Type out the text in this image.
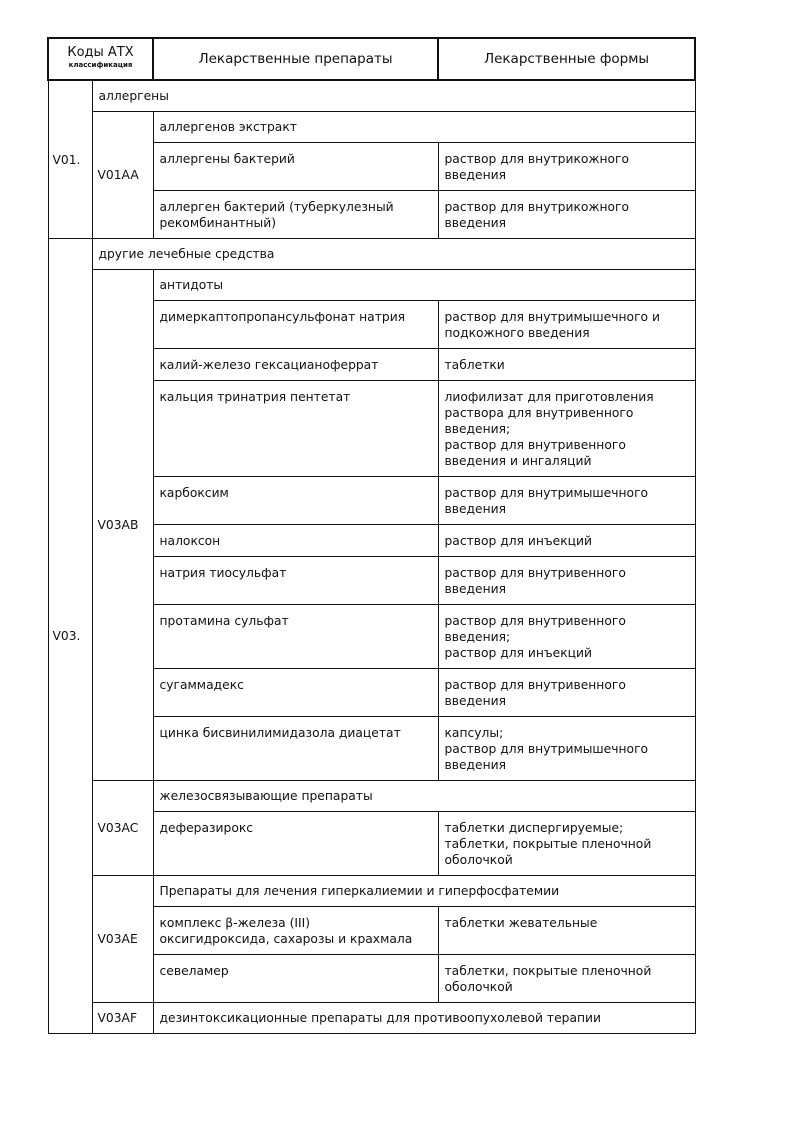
Коды АТХ
классификация		Лекарственные препараты	Лекарственные формы

V01.	аллергены		

	V01AA	аллергенов экстракт	

		аллергены бактерий	раствор для внутрикожного
введения

		аллерген бактерий (туберкулезный
рекомбинантный)	раствор для внутрикожного
введения

V03.	другие лечебные средства		

	V03AB	антидоты	

		димеркаптопропансульфонат натрия	раствор для внутримышечного и
подкожного введения

		калий-железо гексацианоферрат	таблетки

		кальция тринатрия пентетат	лиофилизат для приготовления
раствора для внутривенного
введения;
раствор для внутривенного
введения и ингаляций

		карбоксим	раствор для внутримышечного
введения

		налоксон	раствор для инъекций

		натрия тиосульфат	раствор для внутривенного
введения

		протамина сульфат	раствор для внутривенного
введения;
раствор для инъекций

		сугаммадекс	раствор для внутривенного
введения

		цинка бисвинилимидазола диацетат	капсулы;
раствор для внутримышечного
введения

	V03AC	железосвязывающие препараты	

		деферазирокс	таблетки диспергируемые;
таблетки, покрытые пленочной
оболочкой

	V03AE	Препараты для лечения гиперкалиемии и гиперфосфатемии	

		комплекс β-железа (III)
оксигидроксида, сахарозы и крахмала	таблетки жевательные

		севеламер	таблетки, покрытые пленочной
оболочкой

	V03AF	дезинтоксикационные препараты для противоопухолевой терапии	
